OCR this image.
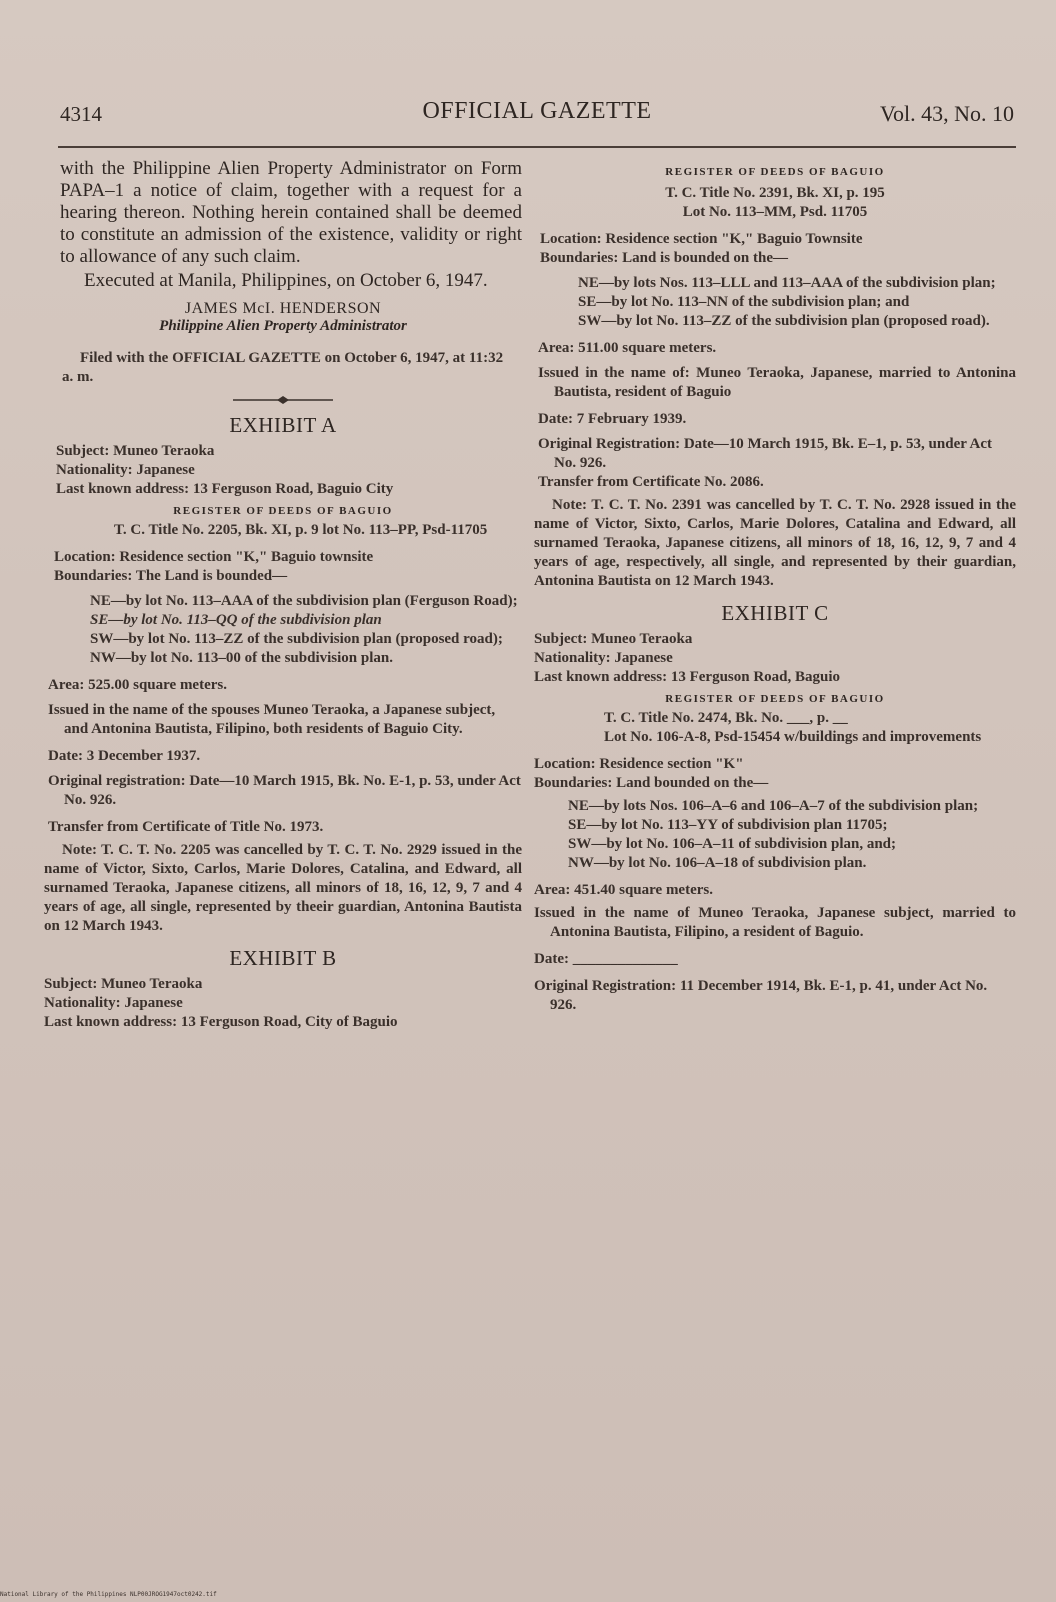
4314	OFFICIAL GAZETTE	Vol. 43, No. 10

with the Philippine Alien Property Administrator on Form PAPA–1 a notice of claim, together with a request for a hearing thereon. Nothing herein contained shall be deemed to constitute an admission of the existence, validity or right to allowance of any such claim.

Executed at Manila, Philippines, on October 6, 1947.

JAMES McI. HENDERSON

Philippine Alien Property Administrator

Filed with the OFFICIAL GAZETTE on October 6, 1947, at 11:32 a. m.

EXHIBIT A

Subject: Muneo Teraoka

Nationality: Japanese

Last known address: 13 Ferguson Road, Baguio City

REGISTER OF DEEDS OF BAGUIO

T. C. Title No. 2205, Bk. XI, p. 9 lot No. 113–PP, Psd-11705

Location: Residence section "K," Baguio townsite

Boundaries: The Land is bounded—

NE—by lot No. 113–AAA of the subdivision plan (Ferguson Road);

SE—by lot No. 113–QQ of the subdivision plan

SW—by lot No. 113–ZZ of the subdivision plan (proposed road);

NW—by lot No. 113–00 of the subdivision plan.

Area: 525.00 square meters.

Issued in the name of the spouses Muneo Teraoka, a Japanese subject, and Antonina Bautista, Filipino, both residents of Baguio City.

Date: 3 December 1937.

Original registration: Date—10 March 1915, Bk. No. E-1, p. 53, under Act No. 926.

Transfer from Certificate of Title No. 1973.

Note: T. C. T. No. 2205 was cancelled by T. C. T. No. 2929 issued in the name of Victor, Sixto, Carlos, Marie Dolores, Catalina, and Edward, all surnamed Teraoka, Japanese citizens, all minors of 18, 16, 12, 9, 7 and 4 years of age, all single, represented by theeir guardian, Antonina Bautista on 12 March 1943.

EXHIBIT B

Subject: Muneo Teraoka

Nationality: Japanese

Last known address: 13 Ferguson Road, City of Baguio

REGISTER OF DEEDS OF BAGUIO

T. C. Title No. 2391, Bk. XI, p. 195

Lot No. 113–MM, Psd. 11705

Location: Residence section "K," Baguio Townsite

Boundaries: Land is bounded on the—

NE—by lots Nos. 113–LLL and 113–AAA of the subdivision plan;

SE—by lot No. 113–NN of the subdivision plan; and

SW—by lot No. 113–ZZ of the subdivision plan (proposed road).

Area: 511.00 square meters.

Issued in the name of: Muneo Teraoka, Japanese, married to Antonina Bautista, resident of Baguio

Date: 7 February 1939.

Original Registration: Date—10 March 1915, Bk. E–1, p. 53, under Act No. 926.

Transfer from Certificate No. 2086.

Note: T. C. T. No. 2391 was cancelled by T. C. T. No. 2928 issued in the name of Victor, Sixto, Carlos, Marie Dolores, Catalina and Edward, all surnamed Teraoka, Japanese citizens, all minors of 18, 16, 12, 9, 7 and 4 years of age, respectively, all single, and represented by their guardian, Antonina Bautista on 12 March 1943.

EXHIBIT C

Subject: Muneo Teraoka

Nationality: Japanese

Last known address: 13 Ferguson Road, Baguio

REGISTER OF DEEDS OF BAGUIO

T. C. Title No. 2474, Bk. No. ___, p. __

Lot No. 106-A-8, Psd-15454 w/buildings and improvements

Location: Residence section "K"

Boundaries: Land bounded on the—

NE—by lots Nos. 106–A–6 and 106–A–7 of the subdivision plan;

SE—by lot No. 113–YY of subdivision plan 11705;

SW—by lot No. 106–A–11 of subdivision plan, and;

NW—by lot No. 106–A–18 of subdivision plan.

Area: 451.40 square meters.

Issued in the name of Muneo Teraoka, Japanese subject, married to Antonina Bautista, Filipino, a resident of Baguio.

Date: ______________

Original Registration: 11 December 1914, Bk. E-1, p. 41, under Act No. 926.

National Library of the Philippines NLP00JROG1947oct0242.tif
